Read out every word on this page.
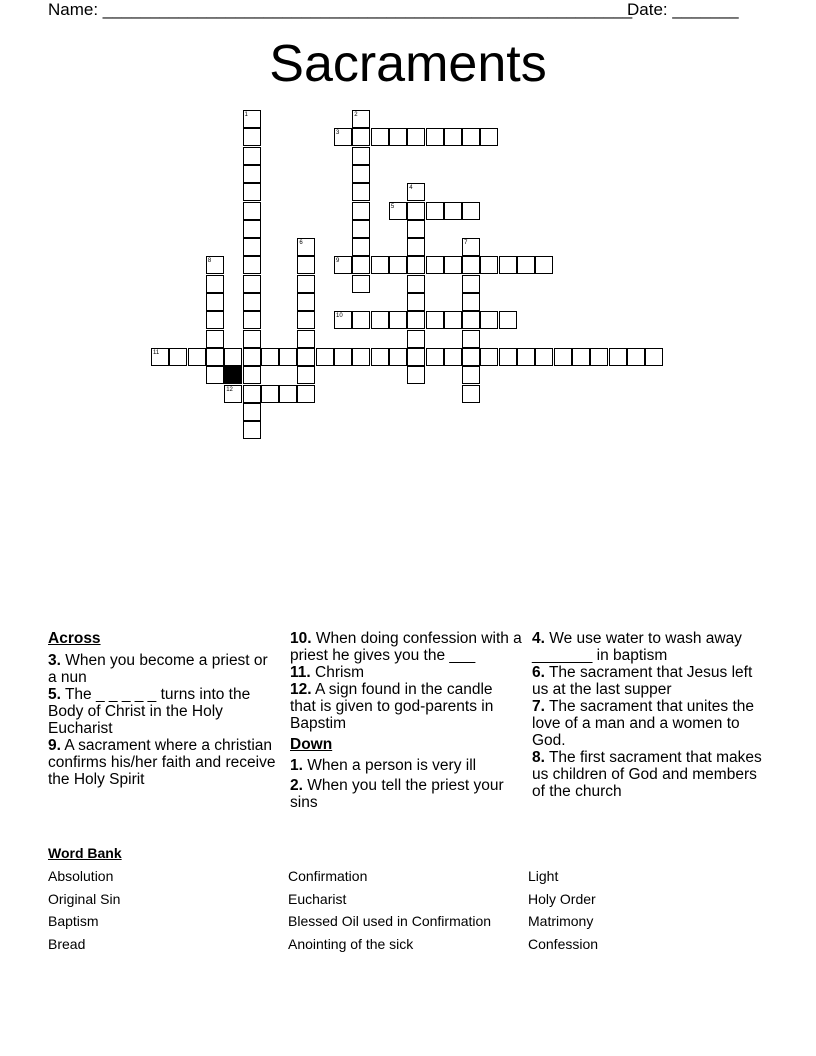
Name: ________________________________________________________
Date: _______
Sacraments
1	2
3
4
5
6	7
8	9
10
11
12

Across

3. When you become a priest or a nun

5. The _ _ _ _ _ turns into the Body of Christ in the Holy Eucharist

9. A sacrament where a christian confirms his/her faith and receive the Holy Spirit

10. When doing confession with a priest he gives you the ___

11. Chrism

12. A sign found in the candle that is given to god-parents in Bapstim

Down

1. When a person is very ill

2. When you tell the priest your sins

4. We use water to wash away _______ in baptism

6. The sacrament that Jesus left us at the last supper

7. The sacrament that unites the love of a man and a women to God.

8. The first sacrament that makes us children of God and members of the church

Word Bank
Absolution
Original Sin
Baptism
Bread
Confirmation
Eucharist
Blessed Oil used in Confirmation
Anointing of the sick
Light
Holy Order
Matrimony
Confession
